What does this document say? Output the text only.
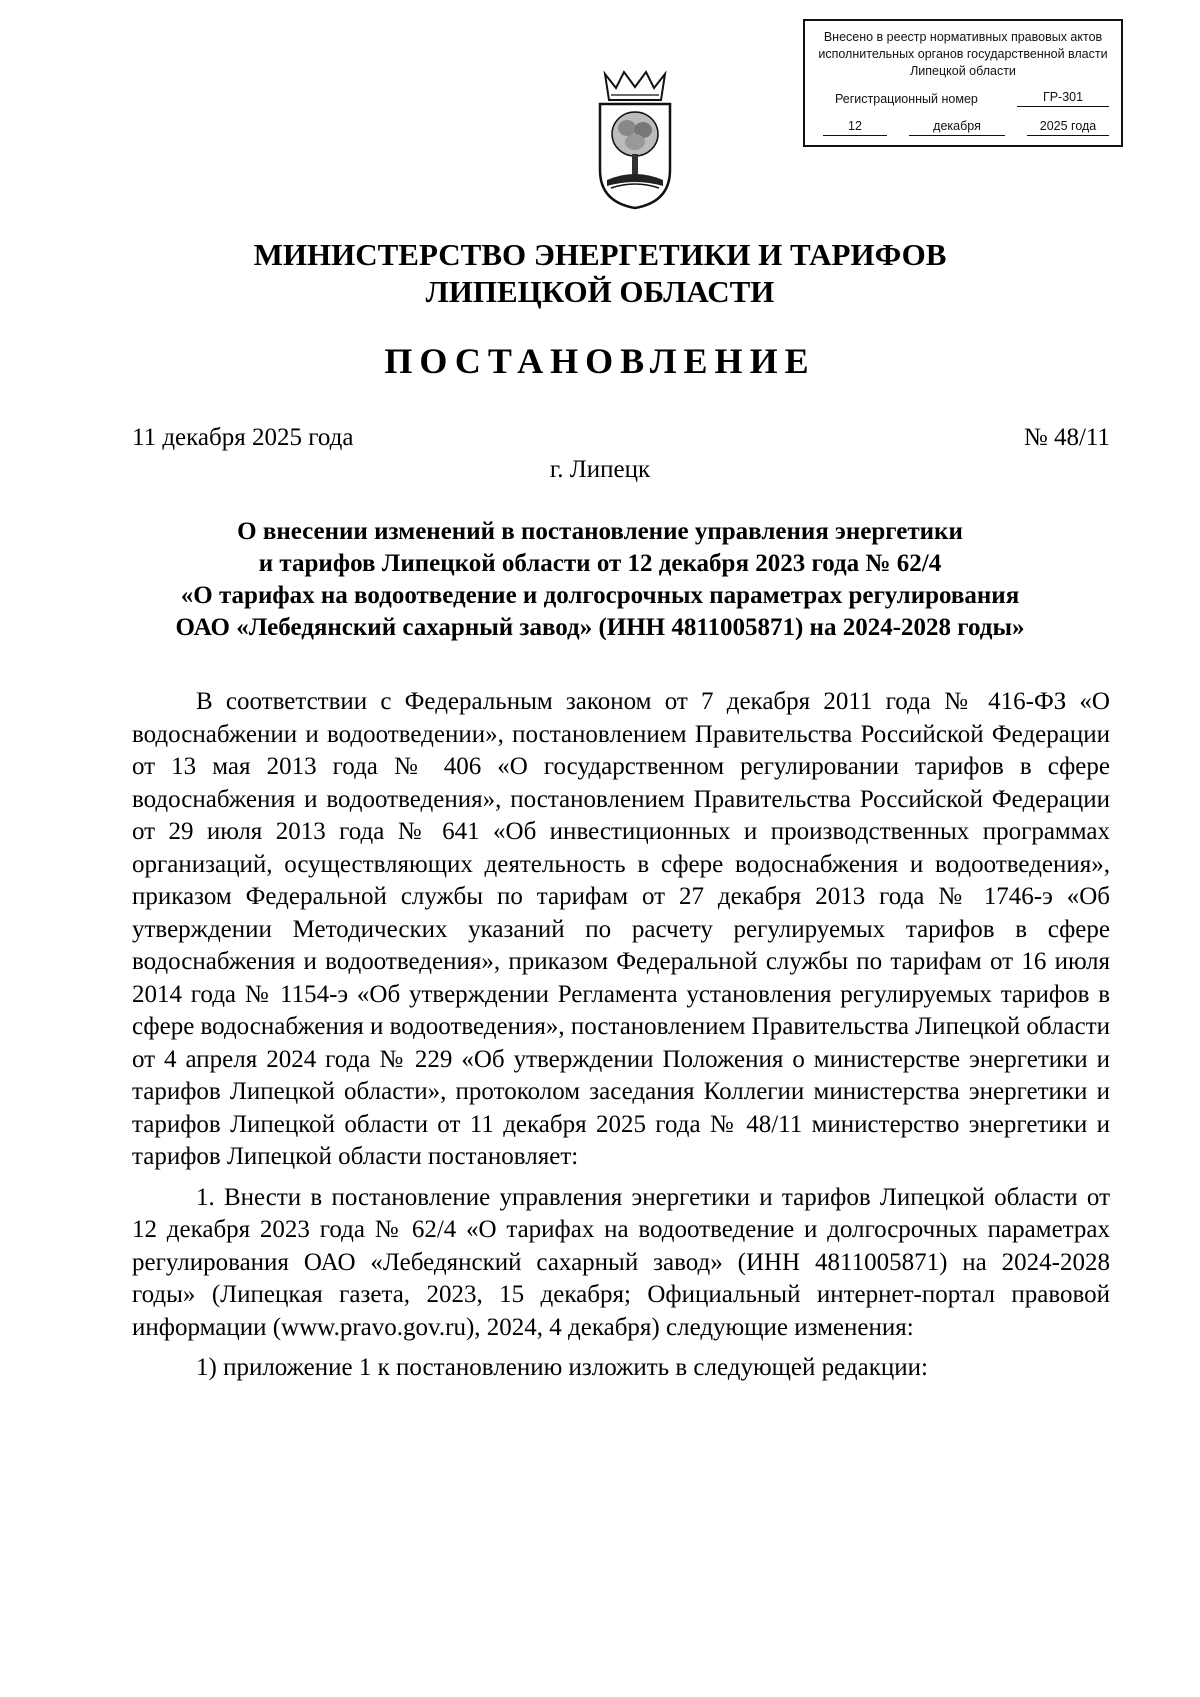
Внесено в реестр нормативных правовых актов исполнительных органов государственной власти Липецкой области
Регистрационный номер	ГР-301
12	декабря	2025 года
МИНИСТЕРСТВО ЭНЕРГЕТИКИ И ТАРИФОВ
ЛИПЕЦКОЙ ОБЛАСТИ
ПОСТАНОВЛЕНИЕ
11 декабря 2025 года	№ 48/11
г. Липецк
О внесении изменений в постановление управления энергетики
и тарифов Липецкой области от 12 декабря 2023 года № 62/4
«О тарифах на водоотведение и долгосрочных параметрах регулирования
ОАО «Лебедянский сахарный завод» (ИНН 4811005871) на 2024-2028 годы»

В соответствии с Федеральным законом от 7 декабря 2011 года № 416-ФЗ «О водоснабжении и водоотведении», постановлением Правительства Российской Федерации от 13 мая 2013 года № 406 «О государственном регулировании тарифов в сфере водоснабжения и водоотведения», постановлением Правительства Российской Федерации от 29 июля 2013 года № 641 «Об инвестиционных и производственных программах организаций, осуществляющих деятельность в сфере водоснабжения и водоотведения», приказом Федеральной службы по тарифам от 27 декабря 2013 года № 1746-э «Об утверждении Методических указаний по расчету регулируемых тарифов в сфере водоснабжения и водоотведения», приказом Федеральной службы по тарифам от 16 июля 2014 года № 1154-э «Об утверждении Регламента установления регулируемых тарифов в сфере водоснабжения и водоотведения», постановлением Правительства Липецкой области от 4 апреля 2024 года № 229 «Об утверждении Положения о министерстве энергетики и тарифов Липецкой области», протоколом заседания Коллегии министерства энергетики и тарифов Липецкой области от 11 декабря 2025 года № 48/11 министерство энергетики и тарифов Липецкой области постановляет:

1. Внести в постановление управления энергетики и тарифов Липецкой области от 12 декабря 2023 года № 62/4 «О тарифах на водоотведение и долгосрочных параметрах регулирования ОАО «Лебедянский сахарный завод» (ИНН 4811005871) на 2024-2028 годы» (Липецкая газета, 2023, 15 декабря; Официальный интернет-портал правовой информации (www.pravo.gov.ru), 2024, 4 декабря) следующие изменения:

1) приложение 1 к постановлению изложить в следующей редакции:
